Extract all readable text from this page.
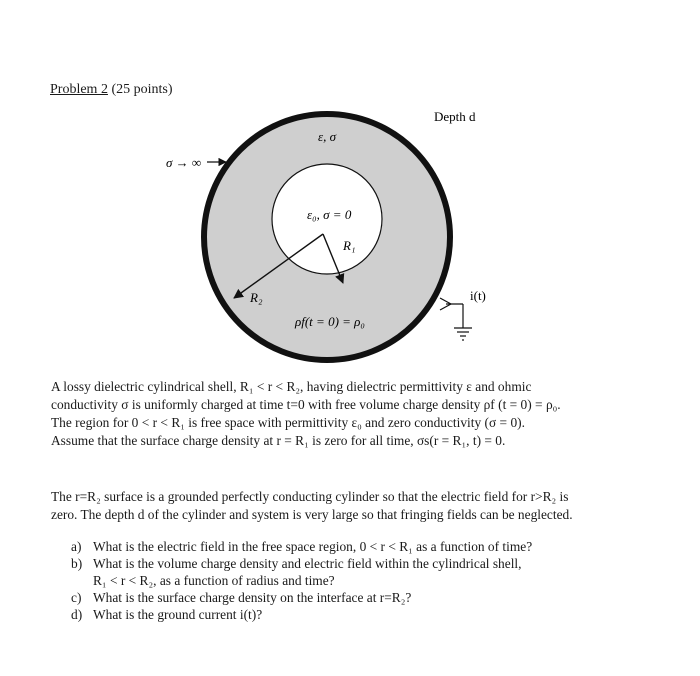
Depth d
ε, σ
σ → ∞
ε₀, σ = 0
R₁
R₂	i(t)
ρf(t = 0) = ρ₀
Problem 2 (25 points)
A lossy dielectric cylindrical shell, R₁ < r < R₂, having dielectric permittivity ε and ohmic
conductivity σ is uniformly charged at time t=0 with free volume charge density ρf (t = 0) = ρ₀.
The region for 0 < r < R₁ is free space with permittivity ε₀ and zero conductivity (σ = 0).
Assume that the surface charge density at r = R₁ is zero for all time, σs(r = R₁, t) = 0.
The r=R₂ surface is a grounded perfectly conducting cylinder so that the electric field for r>R₂ is
zero. The depth d of the cylinder and system is very large so that fringing fields can be neglected.
a) What is the electric field in the free space region, 0 < r < R₁ as a function of time?
b) What is the volume charge density and electric field within the cylindrical shell,
R₁ < r < R₂, as a function of radius and time?
c) What is the surface charge density on the interface at r=R₂?
d) What is the ground current i(t)?
